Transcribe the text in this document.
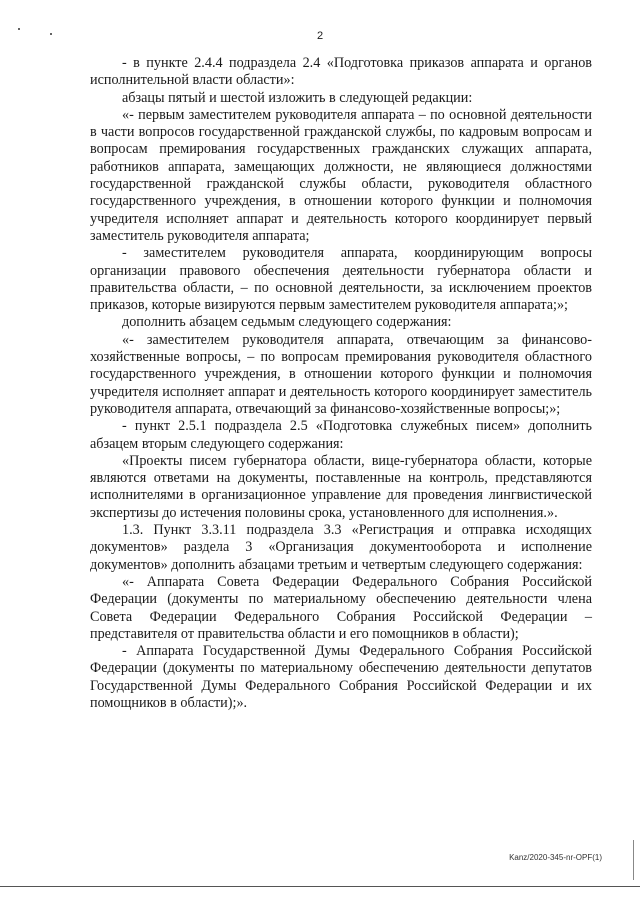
2

- в пункте 2.4.4 подраздела 2.4 «Подготовка приказов аппарата и органов исполнительной власти области»:

абзацы пятый и шестой изложить в следующей редакции:

«- первым заместителем руководителя аппарата – по основной деятельности в части вопросов государственной гражданской службы, по кадровым вопросам и вопросам премирования государственных гражданских служащих аппарата, работников аппарата, замещающих должности, не являющиеся должностями государственной гражданской службы области, руководителя областного государственного учреждения, в отношении которого функции и полномочия учредителя исполняет аппарат и деятельность которого координирует первый заместитель руководителя аппарата;

- заместителем руководителя аппарата, координирующим вопросы организации правового обеспечения деятельности губернатора области и правительства области, – по основной деятельности, за исключением проектов приказов, которые визируются первым заместителем руководителя аппарата;»;

дополнить абзацем седьмым следующего содержания:

«- заместителем руководителя аппарата, отвечающим за финансово-хозяйственные вопросы, – по вопросам премирования руководителя областного государственного учреждения, в отношении которого функции и полномочия учредителя исполняет аппарат и деятельность которого координирует заместитель руководителя аппарата, отвечающий за финансово-хозяйственные вопросы;»;

- пункт 2.5.1 подраздела 2.5 «Подготовка служебных писем» дополнить абзацем вторым следующего содержания:

«Проекты писем губернатора области, вице-губернатора области, которые являются ответами на документы, поставленные на контроль, представляются исполнителями в организационное управление для проведения лингвистической экспертизы до истечения половины срока, установленного для исполнения.».

1.3. Пункт 3.3.11 подраздела 3.3 «Регистрация и отправка исходящих документов» раздела 3 «Организация документооборота и исполнение документов» дополнить абзацами третьим и четвертым следующего содержания:

«- Аппарата Совета Федерации Федерального Собрания Российской Федерации (документы по материальному обеспечению деятельности члена Совета Федерации Федерального Собрания Российской Федерации – представителя от правительства области и его помощников в области);

- Аппарата Государственной Думы Федерального Собрания Российской Федерации (документы по материальному обеспечению деятельности депутатов Государственной Думы Федерального Собрания Российской Федерации и их помощников в области);».

Kanz/2020-345-nr-OPF(1)
